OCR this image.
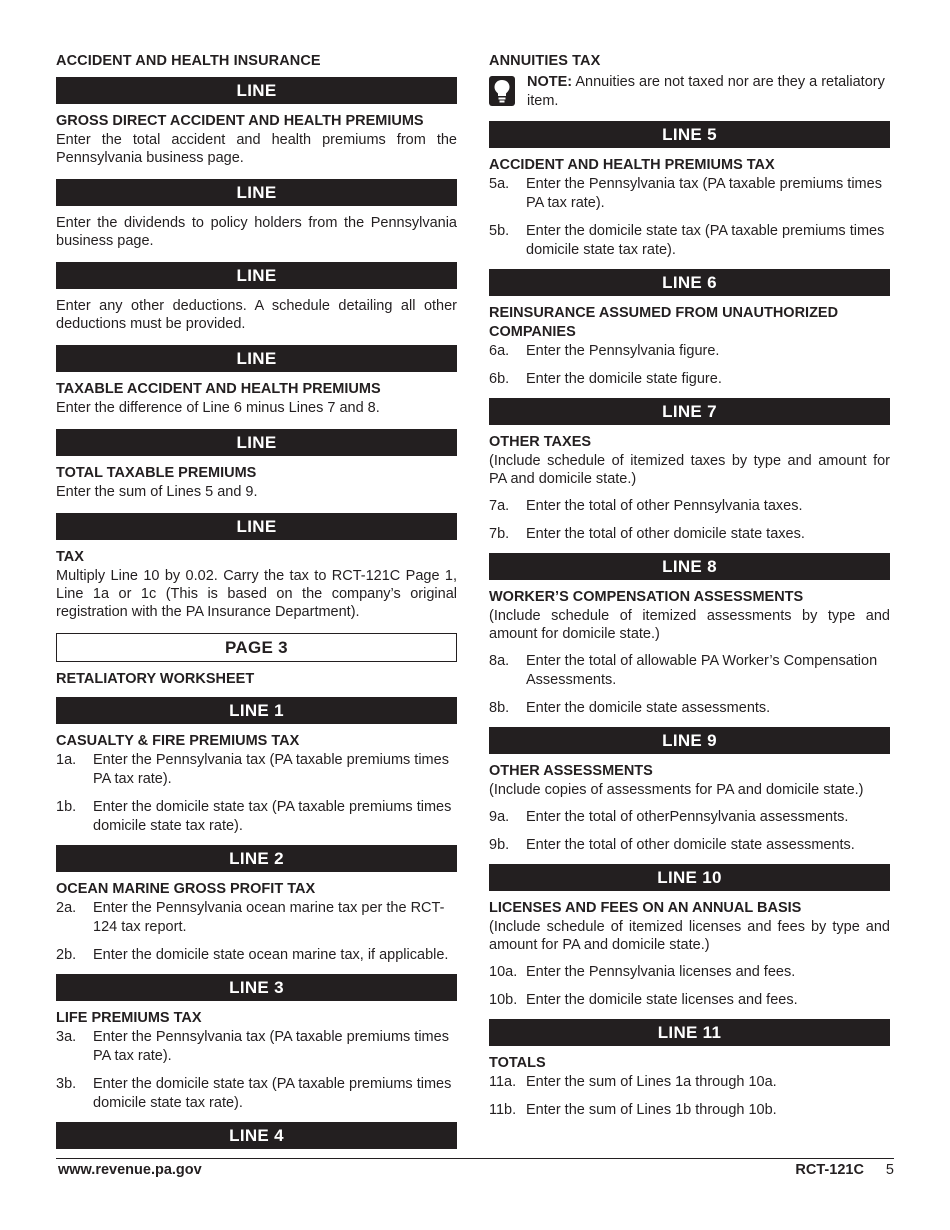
ACCIDENT AND HEALTH INSURANCE
LINE
GROSS DIRECT ACCIDENT AND HEALTH PREMIUMS
Enter the total accident and health premiums from the Pennsylvania business page.
LINE
Enter the dividends to policy holders from the Pennsylvania business page.
LINE
Enter any other deductions. A schedule detailing all other deductions must be provided.
LINE
TAXABLE ACCIDENT AND HEALTH PREMIUMS
Enter the difference of Line 6 minus Lines 7 and 8.
LINE
TOTAL TAXABLE PREMIUMS
Enter the sum of Lines 5 and 9.
LINE
TAX
Multiply Line 10 by 0.02. Carry the tax to RCT-121C Page 1, Line 1a or 1c (This is based on the company’s original registration with the PA Insurance Department).
PAGE 3
RETALIATORY WORKSHEET
LINE 1
CASUALTY & FIRE PREMIUMS TAX
1a.	Enter the Pennsylvania tax (PA taxable premiums times PA tax rate).
1b.	Enter the domicile state tax (PA taxable premiums times domicile state tax rate).
LINE 2
OCEAN MARINE GROSS PROFIT TAX
2a.	Enter the Pennsylvania ocean marine tax per the RCT-124 tax report.
2b.	Enter the domicile state ocean marine tax, if applicable.
LINE 3
LIFE PREMIUMS TAX
3a.	Enter the Pennsylvania tax (PA taxable premiums times PA tax rate).
3b.	Enter the domicile state tax (PA taxable premiums times domicile state tax rate).
LINE 4
ANNUITIES TAX
NOTE: Annuities are not taxed nor are they a retaliatory item.
LINE 5
ACCIDENT AND HEALTH PREMIUMS TAX
5a.	Enter the Pennsylvania tax (PA taxable premiums times PA tax rate).
5b.	Enter the domicile state tax (PA taxable premiums times domicile state tax rate).
LINE 6
REINSURANCE ASSUMED FROM UNAUTHORIZED COMPANIES
6a.	Enter the Pennsylvania figure.
6b.	Enter the domicile state figure.
LINE 7
OTHER TAXES
(Include schedule of itemized taxes by type and amount for PA and domicile state.)
7a.	Enter the total of other Pennsylvania taxes.
7b.	Enter the total of other domicile state taxes.
LINE 8
WORKER’S COMPENSATION ASSESSMENTS
(Include schedule of itemized assessments by type and amount for domicile state.)
8a.	Enter the total of allowable PA Worker’s Compensation Assessments.
8b.	Enter the domicile state assessments.
LINE 9
OTHER ASSESSMENTS
(Include copies of assessments for PA and domicile state.)
9a.	Enter the total of otherPennsylvania assessments.
9b.	Enter the total of other domicile state assessments.
LINE 10
LICENSES AND FEES ON AN ANNUAL BASIS
(Include schedule of itemized licenses and fees by type and amount for PA and domicile state.)
10a. Enter the Pennsylvania licenses and fees.
10b. Enter the domicile state licenses and fees.
LINE 11
TOTALS
11a. Enter the sum of Lines 1a through 10a.
11b. Enter the sum of Lines 1b through 10b.
www.revenue.pa.gov	RCT-121C 5
